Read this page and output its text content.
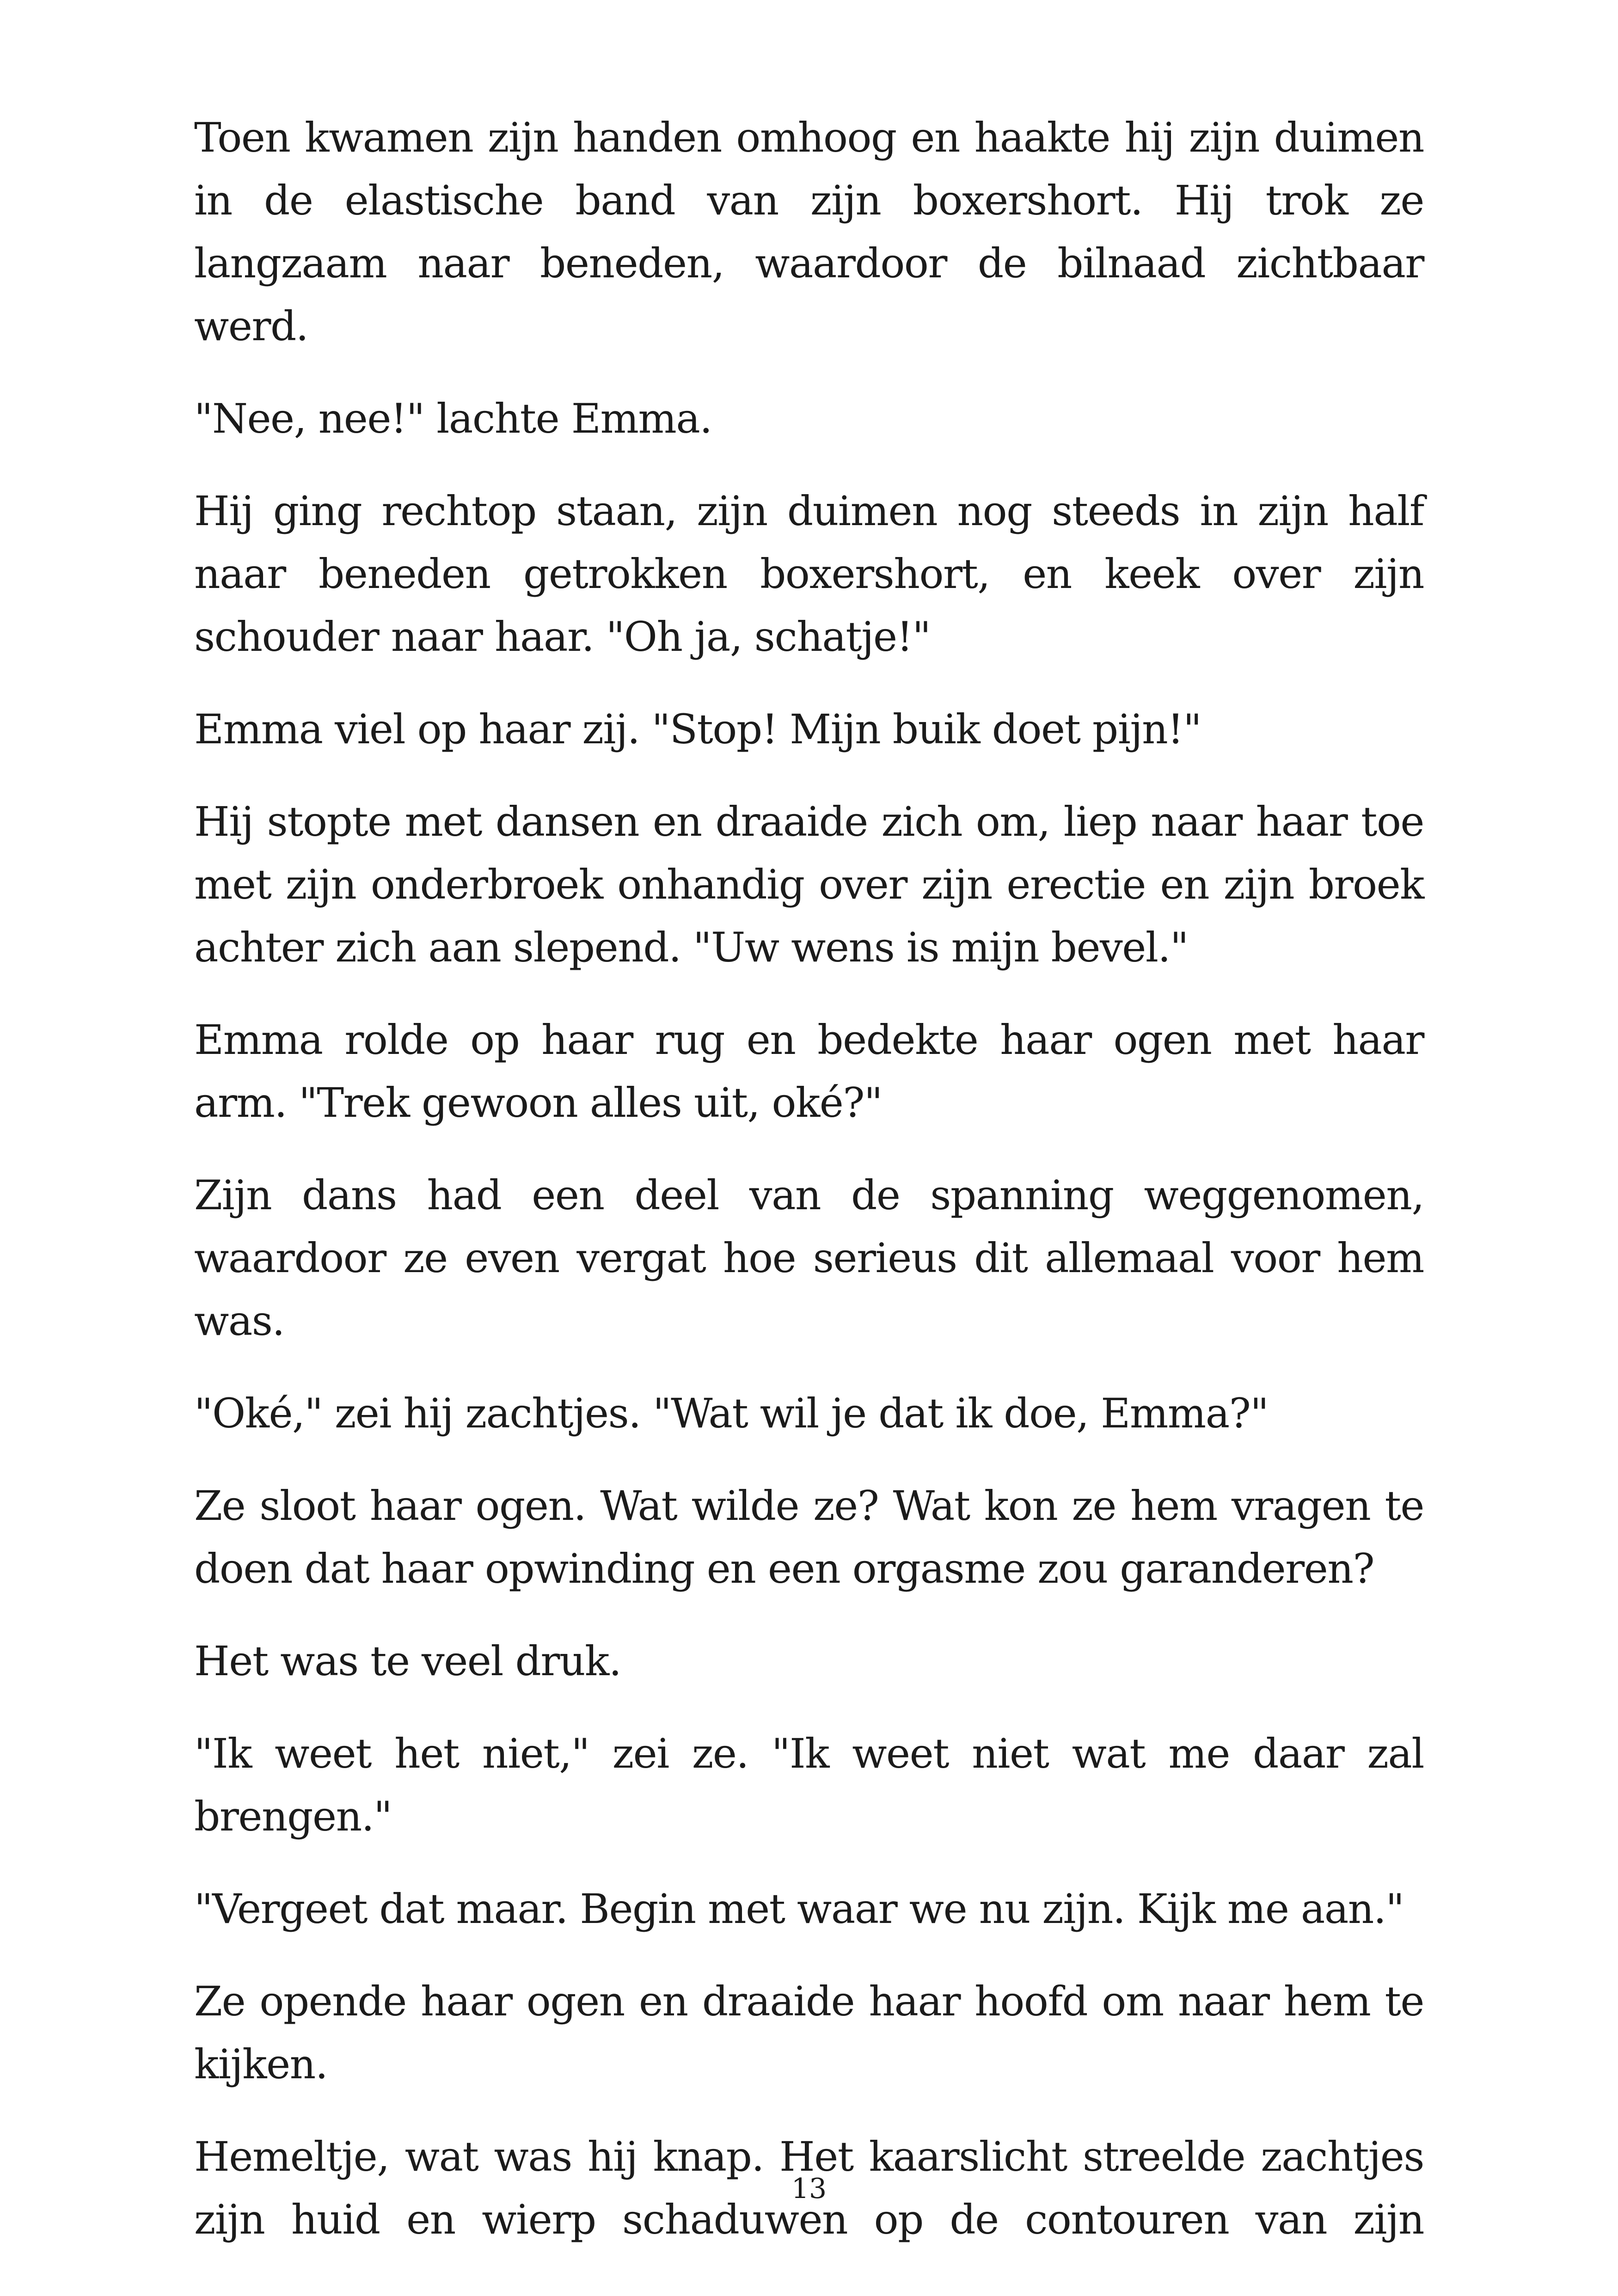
Toen kwamen zijn handen omhoog en haakte hij zijn duimen in de elastische band van zijn boxershort. Hij trok ze langzaam naar beneden, waardoor de bilnaad zichtbaar werd.

"Nee, nee!" lachte Emma.

Hij ging rechtop staan, zijn duimen nog steeds in zijn half naar beneden getrokken boxershort, en keek over zijn schouder naar haar. "Oh ja, schatje!"

Emma viel op haar zij. "Stop! Mijn buik doet pijn!"

Hij stopte met dansen en draaide zich om, liep naar haar toe met zijn onderbroek onhandig over zijn erectie en zijn broek achter zich aan slepend. "Uw wens is mijn bevel."

Emma rolde op haar rug en bedekte haar ogen met haar arm. "Trek gewoon alles uit, oké?"

Zijn dans had een deel van de spanning weggenomen, waardoor ze even vergat hoe serieus dit allemaal voor hem was.

"Oké," zei hij zachtjes. "Wat wil je dat ik doe, Emma?"

Ze sloot haar ogen. Wat wilde ze? Wat kon ze hem vragen te doen dat haar opwinding en een orgasme zou garanderen?

Het was te veel druk.

"Ik weet het niet," zei ze. "Ik weet niet wat me daar zal brengen."

"Vergeet dat maar. Begin met waar we nu zijn. Kijk me aan."

Ze opende haar ogen en draaide haar hoofd om naar hem te kijken.

Hemeltje, wat was hij knap. Het kaarslicht streelde zachtjes zijn huid en wierp schaduwen op de contouren van zijn

13
